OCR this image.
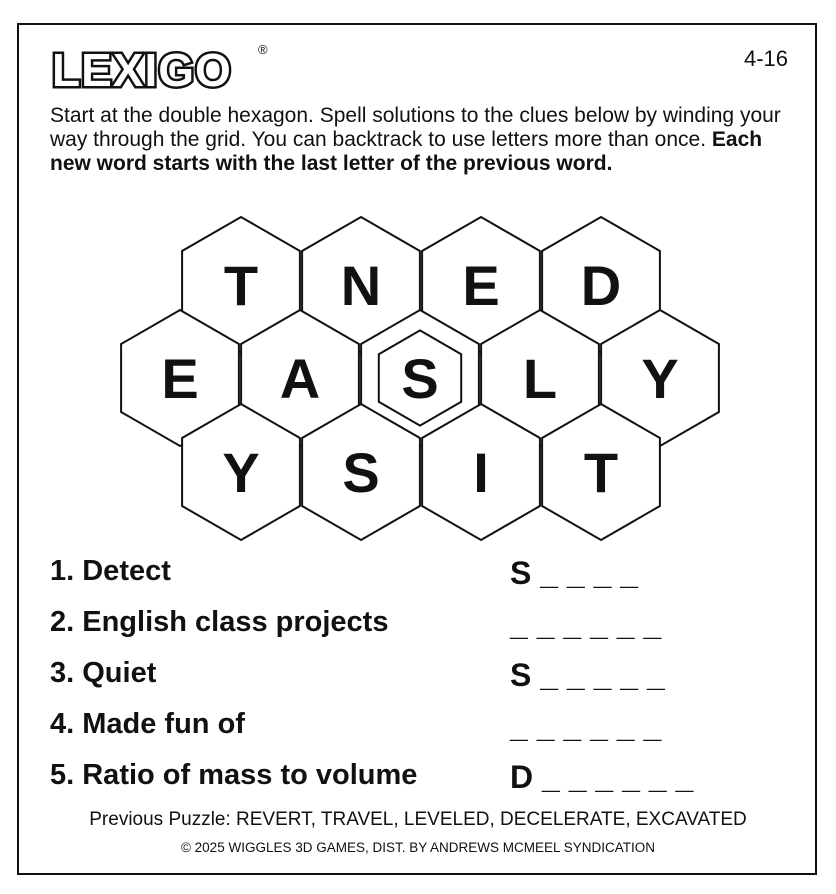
LEXIGO ®	4-16
Start at the double hexagon. Spell solutions to the clues below by winding your way through the grid. You can backtrack to use letters more than once. Each new word starts with the last letter of the previous word.
T N E D
E A S L Y
Y S I T
1. Detect	S _ _ _ _
2. English class projects	_ _ _ _ _ _
3. Quiet	S _ _ _ _ _
4. Made fun of	_ _ _ _ _ _
5. Ratio of mass to volume	D _ _ _ _ _ _
Previous Puzzle: REVERT, TRAVEL, LEVELED, DECELERATE, EXCAVATED
© 2025 WIGGLES 3D GAMES, DIST. BY ANDREWS MCMEEL SYNDICATION
